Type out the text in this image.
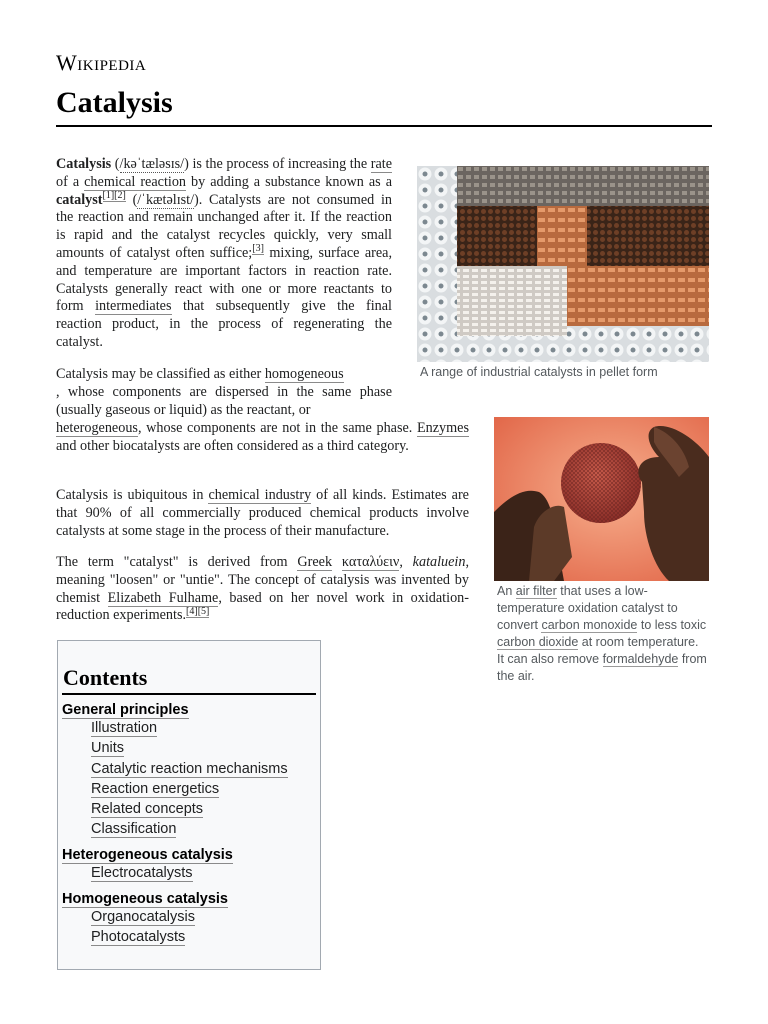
Wikipedia
Catalysis

Catalysis (/kəˈtæləsɪs/) is the process of increasing the rate of a chemical reaction by adding a substance known as a catalyst[1][2] (/ˈkætəlɪst/). Catalysts are not consumed in the reaction and remain unchanged after it. If the reaction is rapid and the catalyst recycles quickly, very small amounts of catalyst often suffice;[3] mixing, surface area, and temperature are important factors in reaction rate. Catalysts generally react with one or more reactants to form intermediates that subsequently give the final reaction product, in the process of regenerating the catalyst.

A range of industrial catalysts in pellet form

Catalysis may be classified as either homogeneous

, whose components are dispersed in the same phase (usually gaseous or liquid) as the reactant, or

heterogeneous, whose components are not in the same phase. Enzymes and other biocatalysts are often considered as a third category.

Catalysis is ubiquitous in chemical industry of all kinds. Estimates are that 90% of all commercially produced chemical products involve catalysts at some stage in the process of their manufacture.

The term "catalyst" is derived from Greek καταλύειν, kataluein, meaning "loosen" or "untie". The concept of catalysis was invented by chemist Elizabeth Fulhame, based on her novel work in oxidation-reduction experiments.[4][5]

An air filter that uses a low-temperature oxidation catalyst to convert carbon monoxide to less toxic carbon dioxide at room temperature. It can also remove formaldehyde from the air.
Contents
General principles
Illustration
Units
Catalytic reaction mechanisms
Reaction energetics
Related concepts
Classification
Heterogeneous catalysis
Electrocatalysts
Homogeneous catalysis
Organocatalysis
Photocatalysts
